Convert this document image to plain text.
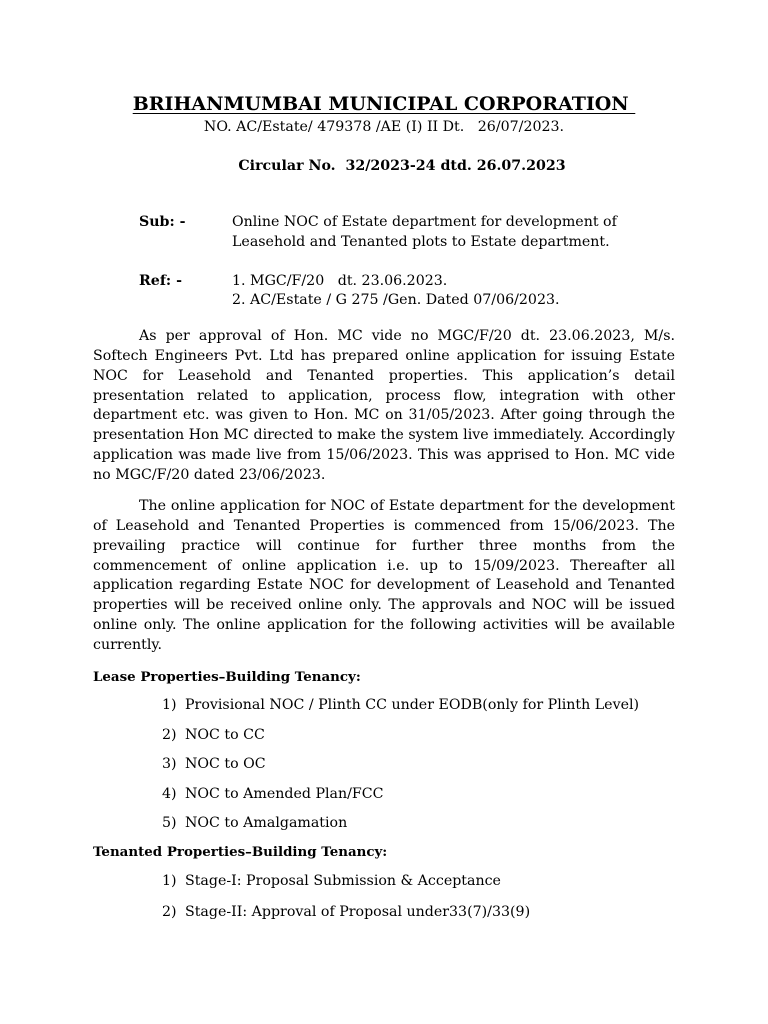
BRIHANMUMBAI MUNICIPAL CORPORATION
NO. AC/Estate/ 479378 /AE (I) II Dt.   26/07/2023.
Circular No.  32/2023-24 dtd. 26.07.2023
Sub: -	Online NOC of Estate department for development of
Leasehold and Tenanted plots to Estate department.
Ref: -	1. MGC/F/20   dt. 23.06.2023.
2. AC/Estate / G 275 /Gen. Dated 07/06/2023.

As per approval of Hon. MC vide no MGC/F/20 dt. 23.06.2023, M/s. Softech Engineers Pvt. Ltd has prepared online application for issuing Estate NOC for Leasehold and Tenanted properties. This application’s detail presentation related to application, process flow, integration with other department etc. was given to Hon. MC on 31/05/2023. After going through the presentation Hon MC directed to make the system live immediately. Accordingly application was made live from 15/06/2023. This was apprised to Hon. MC vide no MGC/F/20 dated 23/06/2023.

The online application for NOC of Estate department for the development of Leasehold and Tenanted Properties is commenced from 15/06/2023. The prevailing practice will continue for further three months from the commencement of online application i.e. up to 15/09/2023. Thereafter all application regarding Estate NOC for development of Leasehold and Tenanted properties will be received online only. The approvals and NOC will be issued online only. The online application for the following activities will be available currently.

Lease Properties–Building Tenancy:
1) Provisional NOC / Plinth CC under EODB(only for Plinth Level)
2) NOC to CC
3) NOC to OC
4) NOC to Amended Plan/FCC
5) NOC to Amalgamation
Tenanted Properties–Building Tenancy:
1) Stage-I: Proposal Submission & Acceptance
2) Stage-II: Approval of Proposal under33(7)/33(9)
